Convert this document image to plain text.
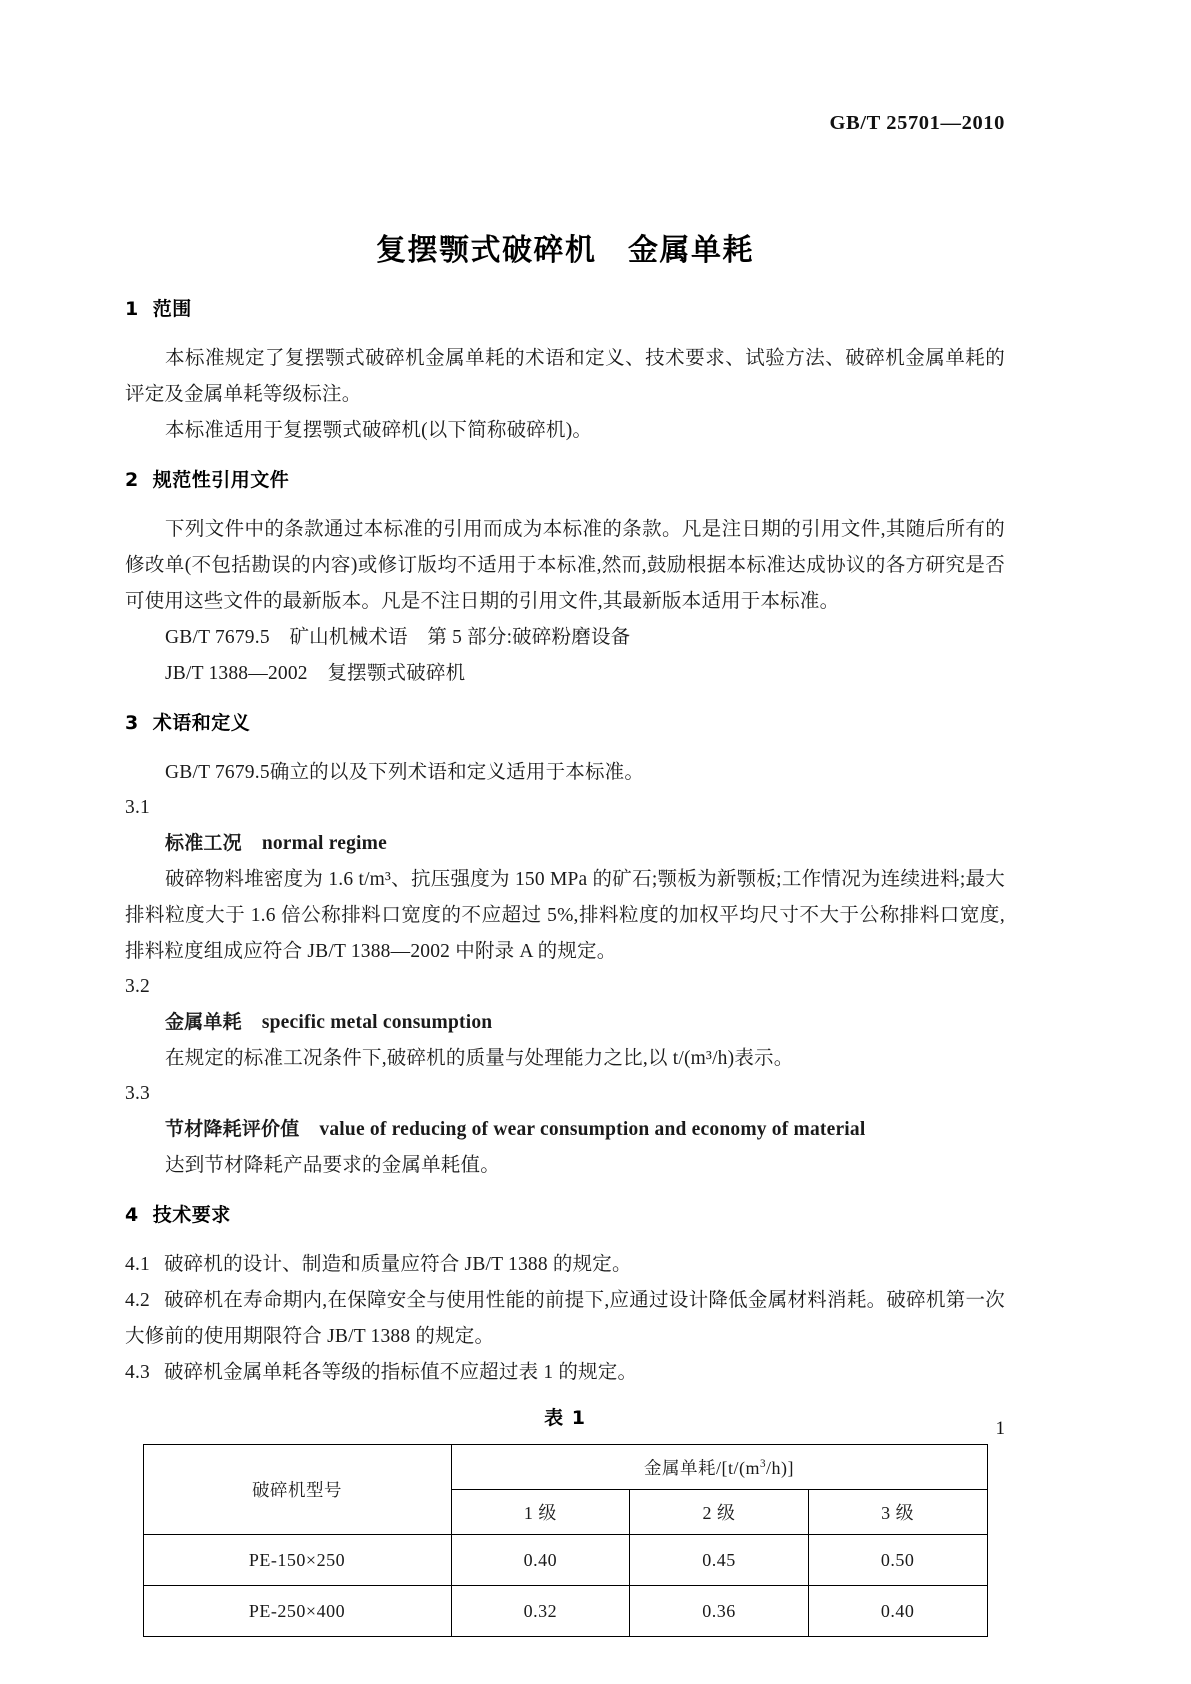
GB/T 25701—2010
复摆颚式破碎机　金属单耗
1 范围

本标准规定了复摆颚式破碎机金属单耗的术语和定义、技术要求、试验方法、破碎机金属单耗的评定及金属单耗等级标注。

本标准适用于复摆颚式破碎机(以下简称破碎机)。

2 规范性引用文件

下列文件中的条款通过本标准的引用而成为本标准的条款。凡是注日期的引用文件,其随后所有的修改单(不包括勘误的内容)或修订版均不适用于本标准,然而,鼓励根据本标准达成协议的各方研究是否可使用这些文件的最新版本。凡是不注日期的引用文件,其最新版本适用于本标准。

GB/T 7679.5　矿山机械术语　第 5 部分:破碎粉磨设备

JB/T 1388—2002　复摆颚式破碎机

3 术语和定义

GB/T 7679.5确立的以及下列术语和定义适用于本标准。

3.1

标准工况 normal regime

破碎物料堆密度为 1.6 t/m³、抗压强度为 150 MPa 的矿石;颚板为新颚板;工作情况为连续进料;最大排料粒度大于 1.6 倍公称排料口宽度的不应超过 5%,排料粒度的加权平均尺寸不大于公称排料口宽度,排料粒度组成应符合 JB/T 1388—2002 中附录 A 的规定。

3.2

金属单耗 specific metal consumption

在规定的标准工况条件下,破碎机的质量与处理能力之比,以 t/(m³/h)表示。

3.3

节材降耗评价值 value of reducing of wear consumption and economy of material

达到节材降耗产品要求的金属单耗值。

4 技术要求

4.1 破碎机的设计、制造和质量应符合 JB/T 1388 的规定。

4.2 破碎机在寿命期内,在保障安全与使用性能的前提下,应通过设计降低金属材料消耗。破碎机第一次大修前的使用期限符合 JB/T 1388 的规定。

4.3 破碎机金属单耗各等级的指标值不应超过表 1 的规定。

表 1

破碎机型号	金属单耗$/[t/(m^3/h)]$		
	1 级	2 级	3 级
PE-150×250	0.40	0.45	0.50
PE-250×400	0.32	0.36	0.40
1
